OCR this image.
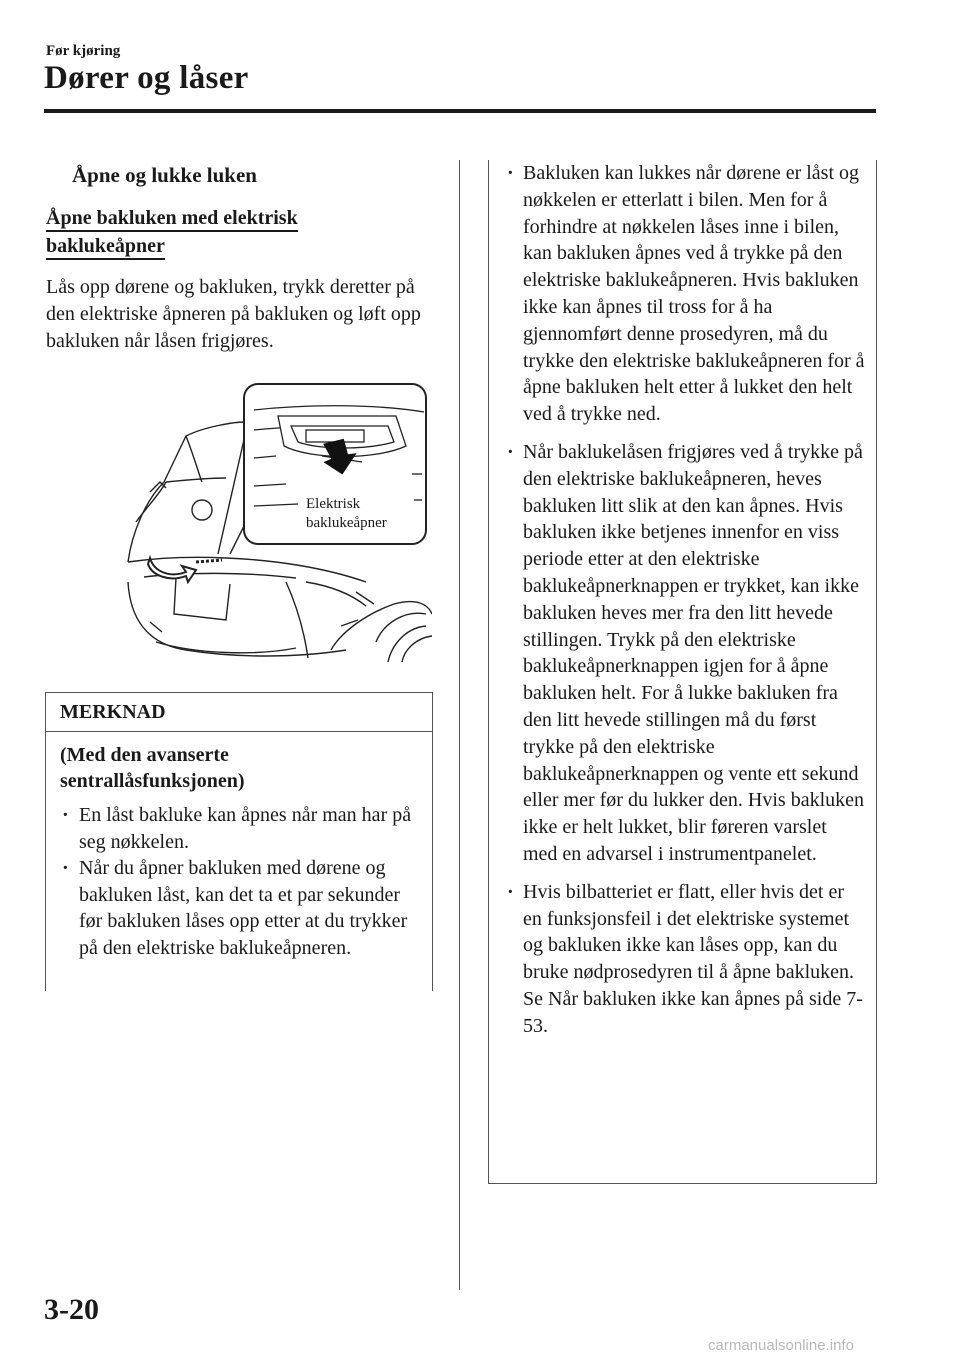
Før kjøring
Dører og låser
Åpne og lukke luken
Åpne bakluken med elektrisk
baklukeåpner
Lås opp dørene og bakluken, trykk deretter på den elektriske åpneren på bakluken og løft opp bakluken når låsen frigjøres.
Elektrisk
baklukeåpner
MERKNAD
(Med den avanserte
sentrallåsfunksjonen)
· En låst bakluke kan åpnes når man har på seg nøkkelen.
· Når du åpner bakluken med dørene og bakluken låst, kan det ta et par sekunder før bakluken låses opp etter at du trykker på den elektriske baklukeåpneren.
· Bakluken kan lukkes når dørene er låst og nøkkelen er etterlatt i bilen. Men for å forhindre at nøkkelen låses inne i bilen, kan bakluken åpnes ved å trykke på den elektriske baklukeåpneren. Hvis bakluken ikke kan åpnes til tross for å ha gjennomført denne prosedyren, må du trykke den elektriske baklukeåpneren for å åpne bakluken helt etter å lukket den helt ved å trykke ned.
· Når baklukelåsen frigjøres ved å trykke på den elektriske baklukeåpneren, heves bakluken litt slik at den kan åpnes. Hvis bakluken ikke betjenes innenfor en viss periode etter at den elektriske baklukeåpnerknappen er trykket, kan ikke bakluken heves mer fra den litt hevede stillingen. Trykk på den elektriske baklukeåpnerknappen igjen for å åpne bakluken helt. For å lukke bakluken fra den litt hevede stillingen må du først trykke på den elektriske baklukeåpnerknappen og vente ett sekund eller mer før du lukker den. Hvis bakluken ikke er helt lukket, blir føreren varslet med en advarsel i instrumentpanelet.
· Hvis bilbatteriet er flatt, eller hvis det er en funksjonsfeil i det elektriske systemet og bakluken ikke kan låses opp, kan du bruke nødprosedyren til å åpne bakluken.
Se Når bakluken ikke kan åpnes på side 7-53.
3-20
carmanualsonline.info
